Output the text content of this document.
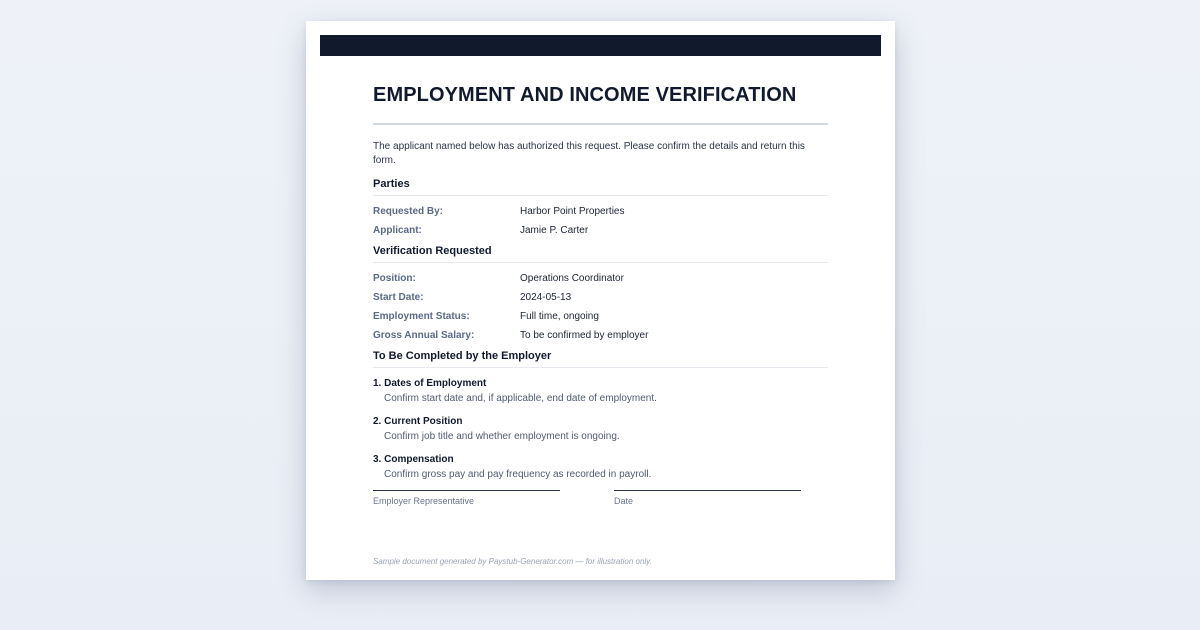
EMPLOYMENT AND INCOME VERIFICATION
The applicant named below has authorized this request. Please confirm the details and return this form.
Parties
Requested By:	Harbor Point Properties
Applicant:	Jamie P. Carter
Verification Requested
Position:	Operations Coordinator
Start Date:	2024-05-13
Employment Status:	Full time, ongoing
Gross Annual Salary:	To be confirmed by employer
To Be Completed by the Employer
1. Dates of Employment
Confirm start date and, if applicable, end date of employment.
2. Current Position
Confirm job title and whether employment is ongoing.
3. Compensation
Confirm gross pay and pay frequency as recorded in payroll.
Employer Representative	Date
Sample document generated by Paystub-Generator.com — for illustration only.
